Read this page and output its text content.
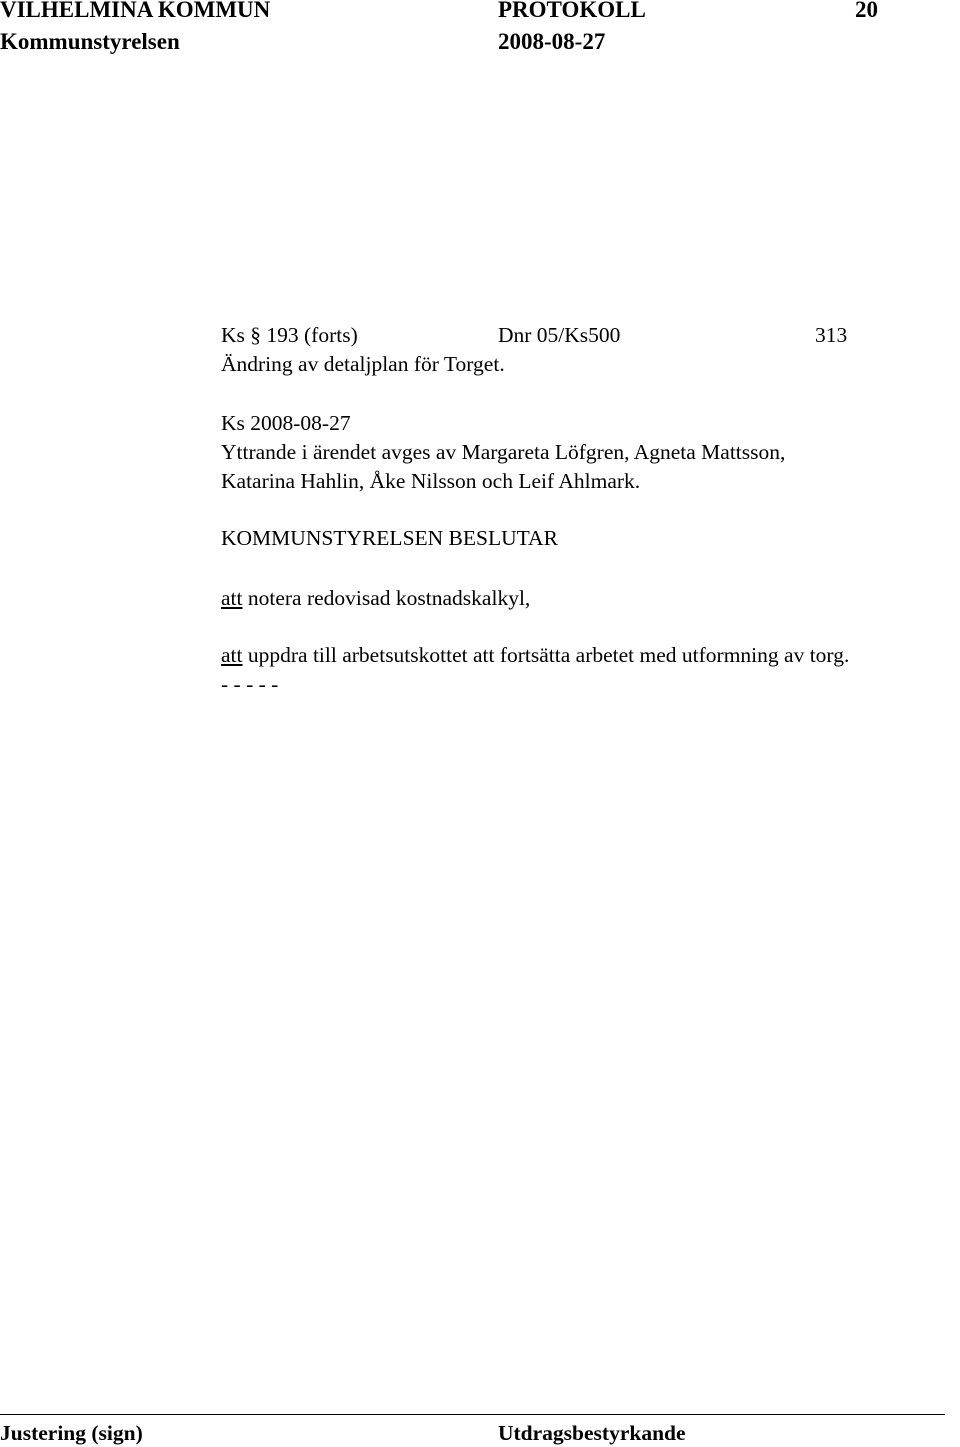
VILHELMINA KOMMUN	PROTOKOLL	20
Kommunstyrelsen	2008-08-27
Ks § 193 (forts)	Dnr 05/Ks500	313
Ändring av detaljplan för Torget.
Ks 2008-08-27
Yttrande i ärendet avges av Margareta Löfgren, Agneta Mattsson,
Katarina Hahlin, Åke Nilsson och Leif Ahlmark.
KOMMUNSTYRELSEN BESLUTAR
att notera redovisad kostnadskalkyl,
att uppdra till arbetsutskottet att fortsätta arbetet med utformning av torg.
- - - - -
Justering (sign)	Utdragsbestyrkande
